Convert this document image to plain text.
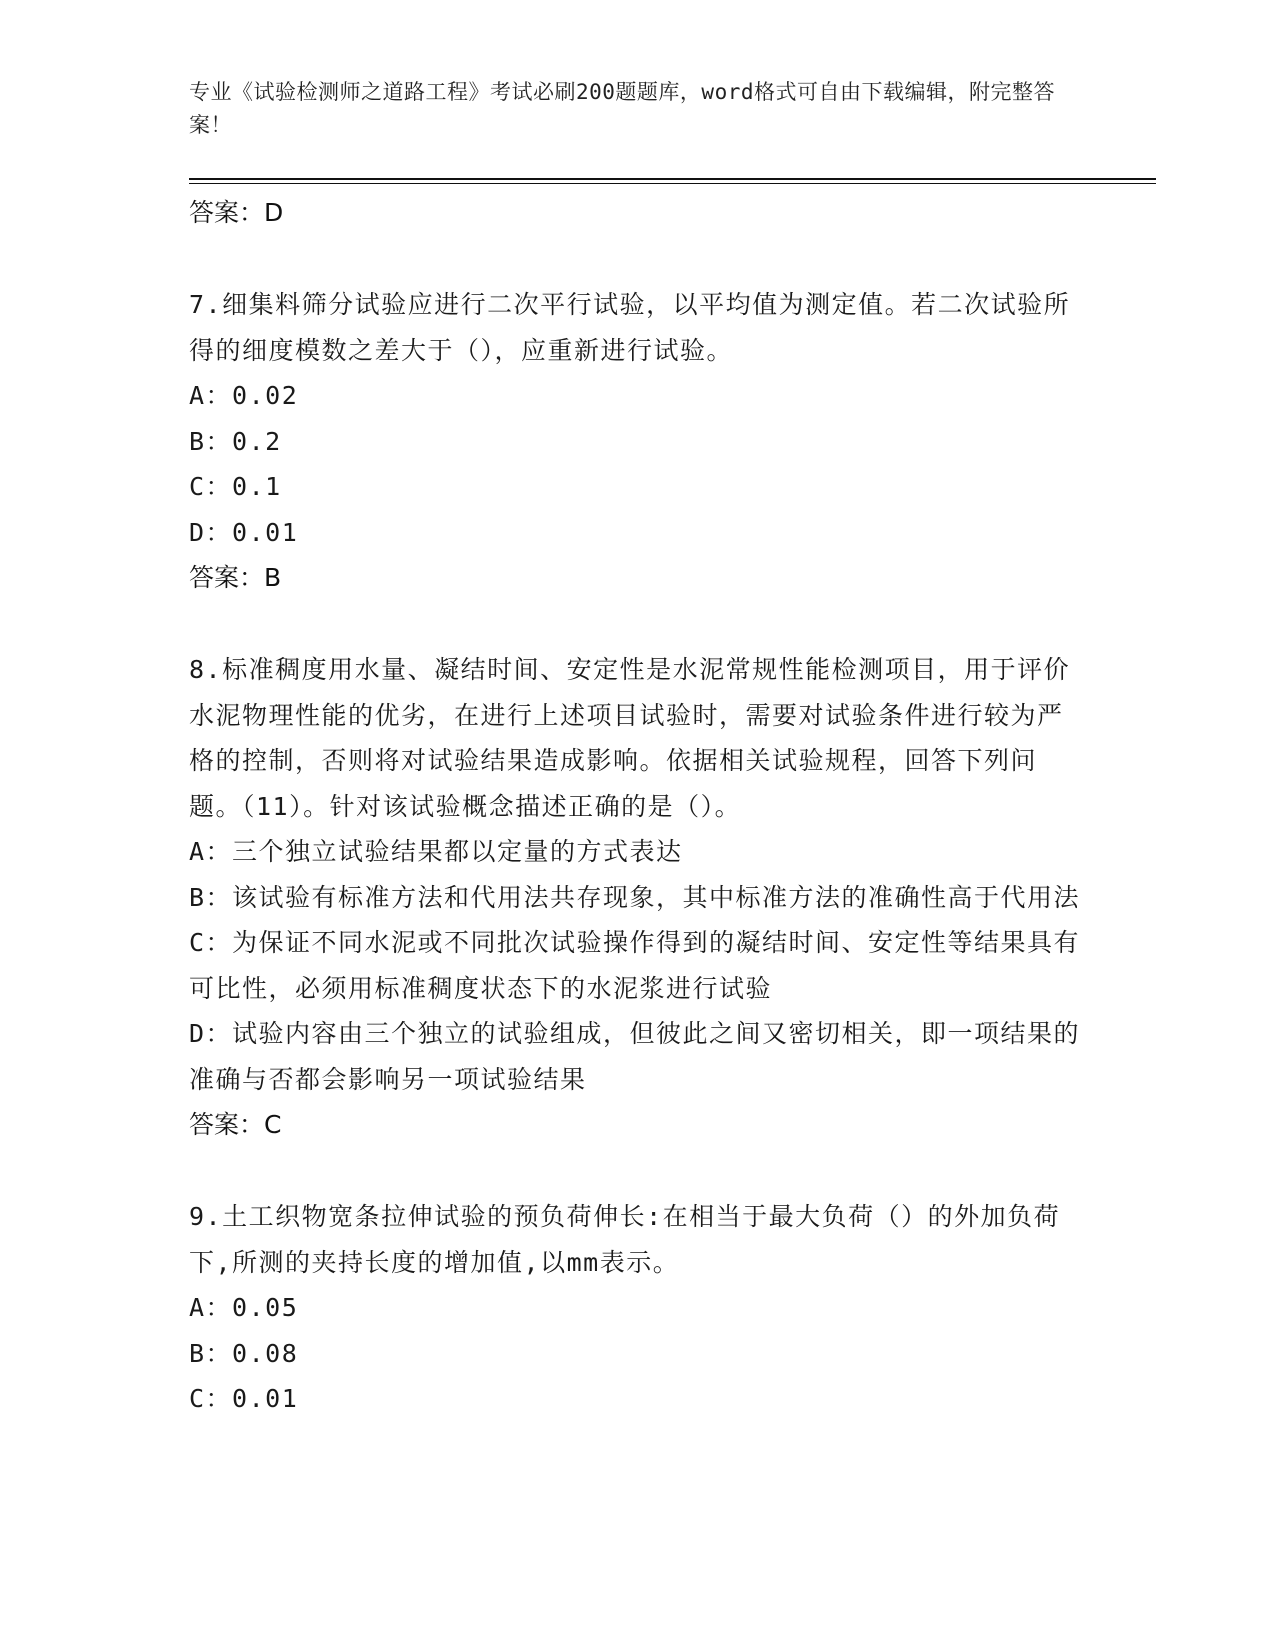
专业《试验检测师之道路工程》考试必刷200题题库，word格式可自由下载编辑，附完整答案！
答案：D
7.细集料筛分试验应进行二次平行试验，以平均值为测定值。若二次试验所得的细度模数之差大于（），应重新进行试验。
A：0.02
B：0.2
C：0.1
D：0.01
答案：B
8.标准稠度用水量、凝结时间、安定性是水泥常规性能检测项目，用于评价水泥物理性能的优劣，在进行上述项目试验时，需要对试验条件进行较为严格的控制，否则将对试验结果造成影响。依据相关试验规程，回答下列问题。（11）。针对该试验概念描述正确的是（）。
A：三个独立试验结果都以定量的方式表达
B：该试验有标准方法和代用法共存现象，其中标准方法的准确性高于代用法
C：为保证不同水泥或不同批次试验操作得到的凝结时间、安定性等结果具有可比性，必须用标准稠度状态下的水泥浆进行试验
D：试验内容由三个独立的试验组成，但彼此之间又密切相关，即一项结果的准确与否都会影响另一项试验结果
答案：C
9.土工织物宽条拉伸试验的预负荷伸长:在相当于最大负荷（）的外加负荷下,所测的夹持长度的增加值,以mm表示。
A：0.05
B：0.08
C：0.01
